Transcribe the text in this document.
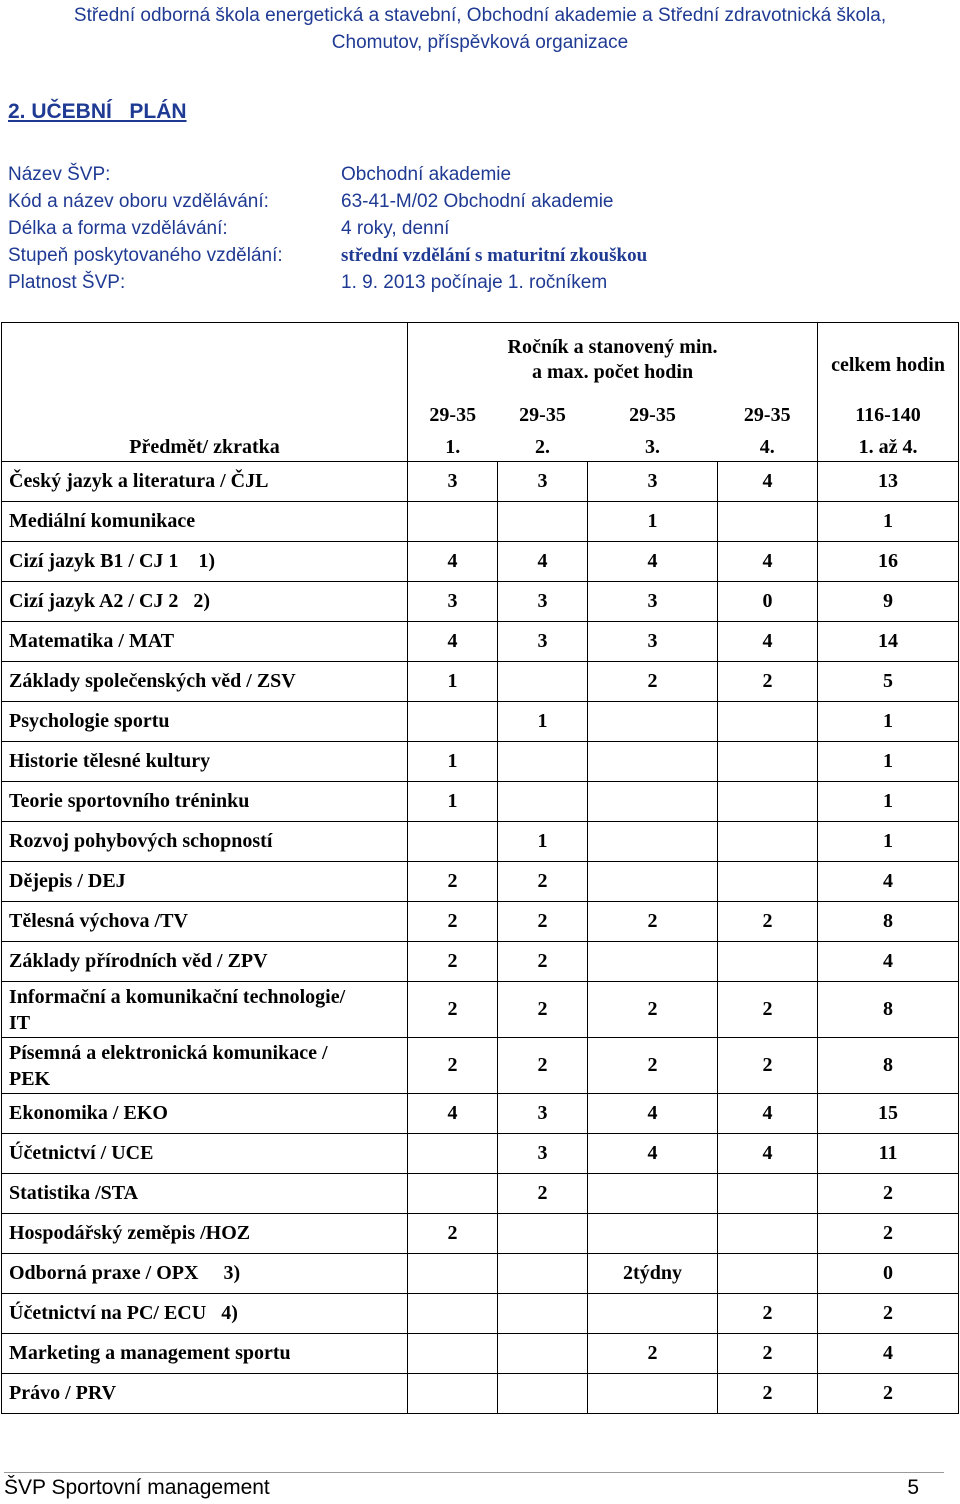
Střední odborná škola energetická a stavební, Obchodní akademie a Střední zdravotnická škola,
Chomutov, příspěvková organizace
2. UČEBNÍ   PLÁN
Název ŠVP:	Obchodní akademie
Kód a název oboru vzdělávání:	63-41-M/02 Obchodní akademie
Délka a forma vzdělávání:	4 roky, denní
Stupeň poskytovaného vzdělání:	střední vzdělání s maturitní zkouškou
Platnost ŠVP:	1. 9. 2013 počínaje 1. ročníkem
	Ročník a stanovený min. a max. počet hodin				celkem hodin
	29-35	29-35	29-35	29-35	116-140
Předmět/ zkratka	1.	2.	3.	4.	1. až 4.
Český jazyk a literatura / ČJL	3	3	3	4	13
Mediální komunikace			1		1
Cizí jazyk B1 / CJ 1    1)	4	4	4	4	16
Cizí jazyk A2 / CJ 2   2)	3	3	3	0	9
Matematika / MAT	4	3	3	4	14
Základy společenských věd / ZSV	1		2	2	5
Psychologie sportu		1			1
Historie tělesné kultury	1				1
Teorie sportovního tréninku	1				1
Rozvoj pohybových schopností		1			1
Dějepis / DEJ	2	2			4
Tělesná výchova /TV	2	2	2	2	8
Základy přírodních věd / ZPV	2	2			4

Informační a komunikační technologie/
IT	2	2	2	2	8

Písemná a elektronická komunikace /
PEK	2	2	2	2	8
Ekonomika / EKO	4	3	4	4	15
Účetnictví / UCE		3	4	4	11
Statistika /STA		2			2
Hospodářský zeměpis /HOZ	2				2
Odborná praxe / OPX     3)			2týdny		0
Účetnictví na PC/ ECU   4)				2	2
Marketing a management sportu			2	2	4
Právo / PRV				2	2
ŠVP Sportovní management	5
